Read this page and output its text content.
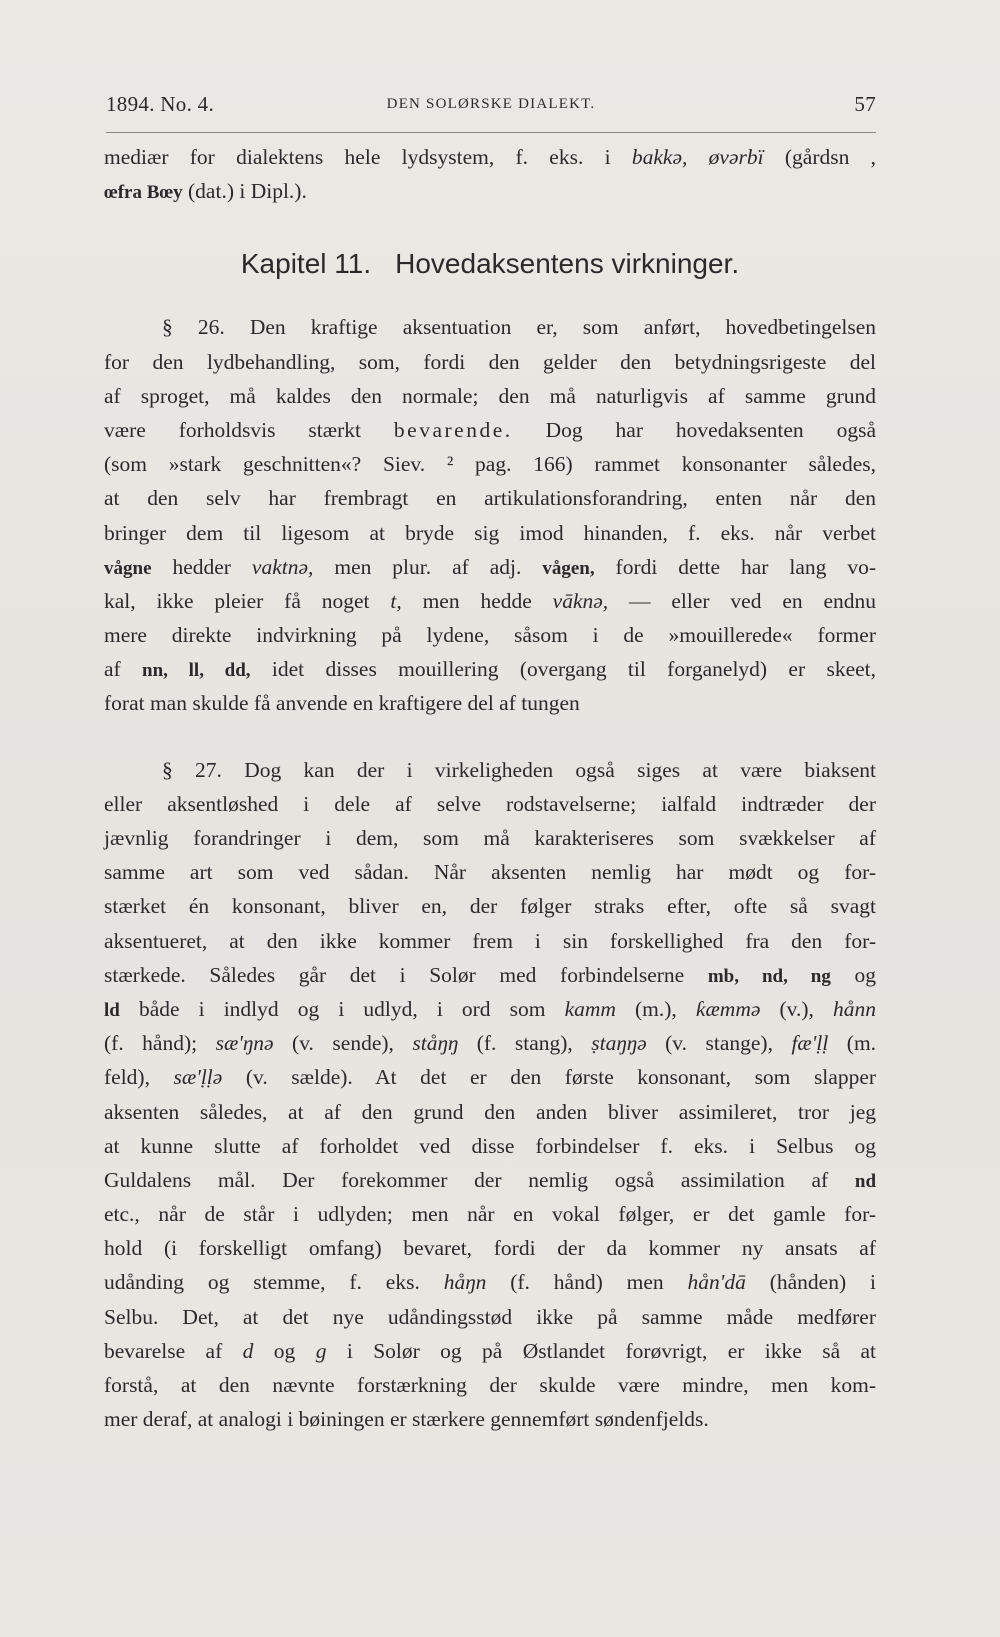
1894. No. 4.	DEN SOLØRSKE DIALEKT.	57
mediær for dialektens hele lydsystem, f. eks. i bakkə, øvərbï (gårdsn ,
œfra Bœy (dat.) i Dipl.).
Kapitel 11. Hovedaksentens virkninger.
§ 26. Den kraftige aksentuation er, som anført, hovedbetingelsen
for den lydbehandling, som, fordi den gelder den betydningsrigeste del
af sproget, må kaldes den normale; den må naturligvis af samme grund
være forholdsvis stærkt bevarende. Dog har hovedaksenten også
(som »stark geschnitten«? Siev. ² pag. 166) rammet konsonanter således,
at den selv har frembragt en artikulationsforandring, enten når den
bringer dem til ligesom at bryde sig imod hinanden, f. eks. når verbet
vågne hedder vaktnə, men plur. af adj. vågen, fordi dette har lang vo-
kal, ikke pleier få noget t, men hedde vāknə, — eller ved en endnu
mere direkte indvirkning på lydene, såsom i de »mouillerede« former
af nn, ll, dd, idet disses mouillering (overgang til forganelyd) er skeet,
forat man skulde få anvende en kraftigere del af tungen
§ 27. Dog kan der i virkeligheden også siges at være biaksent
eller aksentløshed i dele af selve rodstavelserne; ialfald indtræder der
jævnlig forandringer i dem, som må karakteriseres som svækkelser af
samme art som ved sådan. Når aksenten nemlig har mødt og for-
stærket én konsonant, bliver en, der følger straks efter, ofte så svagt
aksentueret, at den ikke kommer frem i sin forskellighed fra den for-
stærkede. Således går det i Solør med forbindelserne mb, nd, ng og
ld både i indlyd og i udlyd, i ord som kamm (m.), ƙæmmə (v.), hånn
(f. hånd); sæ'ŋnə (v. sende), ståŋŋ (f. stang), ṣtaŋŋə (v. stange), fæ'ḷḷ (m.
feld), sæ'ḷḷə (v. sælde). At det er den første konsonant, som slapper
aksenten således, at af den grund den anden bliver assimileret, tror jeg
at kunne slutte af forholdet ved disse forbindelser f. eks. i Selbus og
Guldalens mål. Der forekommer der nemlig også assimilation af nd
etc., når de står i udlyden; men når en vokal følger, er det gamle for-
hold (i forskelligt omfang) bevaret, fordi der da kommer ny ansats af
udånding og stemme, f. eks. håŋn (f. hånd) men hån'dā (hånden) i
Selbu. Det, at det nye udåndingsstød ikke på samme måde medfører
bevarelse af d og g i Solør og på Østlandet forøvrigt, er ikke så at
forstå, at den nævnte forstærkning der skulde være mindre, men kom-
mer deraf, at analogi i bøiningen er stærkere gennemført søndenfjelds.
